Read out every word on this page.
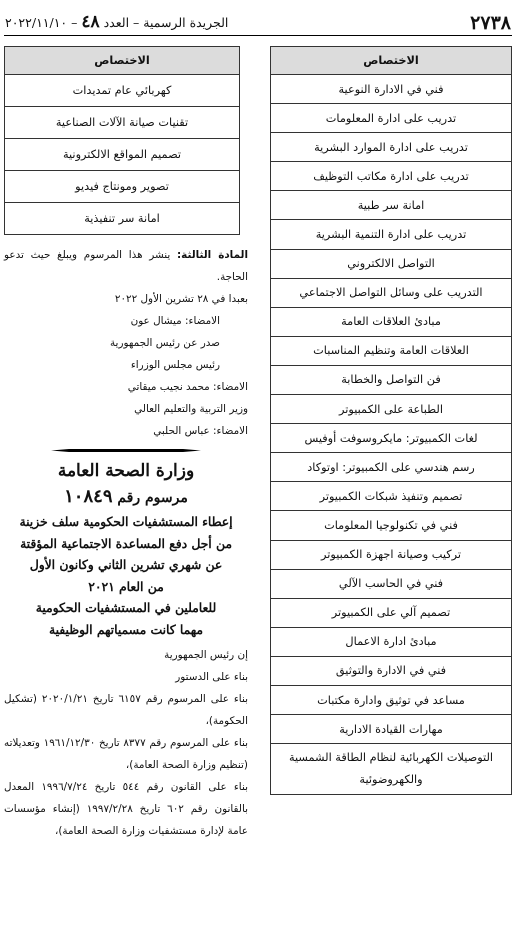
٢٧٣٨
الجريدة الرسمية – العدد ٤٨ – ٢٠٢٢/١١/١٠
الاختصاص
فني في الادارة النوعية
تدريب على ادارة المعلومات
تدريب على ادارة الموارد البشرية
تدريب على ادارة مكاتب التوظيف
امانة سر طبية
تدريب على ادارة التنمية البشرية
التواصل الالكتروني
التدريب على وسائل التواصل الاجتماعي
مبادئ العلاقات العامة
العلاقات العامة وتنظيم المناسبات
فن التواصل والخطابة
الطباعة على الكمبيوتر
لغات الكمبيوتر: مايكروسوفت أوفيس
رسم هندسي على الكمبيوتر: اوتوكاد
تصميم وتنفيذ شبكات الكمبيوتر
فني في تكنولوجيا المعلومات
تركيب وصيانة اجهزة الكمبيوتر
فني في الحاسب الآلي
تصميم آلي على الكمبيوتر
مبادئ ادارة الاعمال
فني في الادارة والتوثيق
مساعد في توثيق وادارة مكتبات
مهارات القيادة الادارية
التوصيلات الكهربائية لنظام الطاقة الشمسية والكهروضوئية
الاختصاص
كهربائي عام تمديدات
تقنيات صيانة الآلات الصناعية
تصميم المواقع الالكترونية
تصوير ومونتاج فيديو
امانة سر تنفيذية
المادة الثالثة: ينشر هذا المرسوم ويبلغ حيث تدعو الحاجة.
بعبدا في ٢٨ تشرين الأول ٢٠٢٢
الامضاء: ميشال عون
صدر عن رئيس الجمهورية
رئيس مجلس الوزراء
الامضاء: محمد نجيب ميقاتي
وزير التربية والتعليم العالي
الامضاء: عباس الحلبي
وزارة الصحة العامة
مرسوم رقم ١٠٨٤٩
إعطاء المستشفيات الحكومية سلف خزينة
من أجل دفع المساعدة الاجتماعية المؤقتة
عن شهري تشرين الثاني وكانون الأول
من العام ٢٠٢١
للعاملين في المستشفيات الحكومية
مهما كانت مسمياتهم الوظيفية
إن رئيس الجمهورية
بناء على الدستور
بناء على المرسوم رقم ٦١٥٧ تاريخ ٢٠٢٠/١/٢١ (تشكيل الحكومة)،
بناء على المرسوم رقم ٨٣٧٧ تاريخ ١٩٦١/١٢/٣٠ وتعديلاته (تنظيم وزارة الصحة العامة)،
بناء على القانون رقم ٥٤٤ تاريخ ١٩٩٦/٧/٢٤ المعدل بالقانون رقم ٦٠٢ تاريخ ١٩٩٧/٢/٢٨ (إنشاء مؤسسات عامة لإدارة مستشفيات وزارة الصحة العامة)،
